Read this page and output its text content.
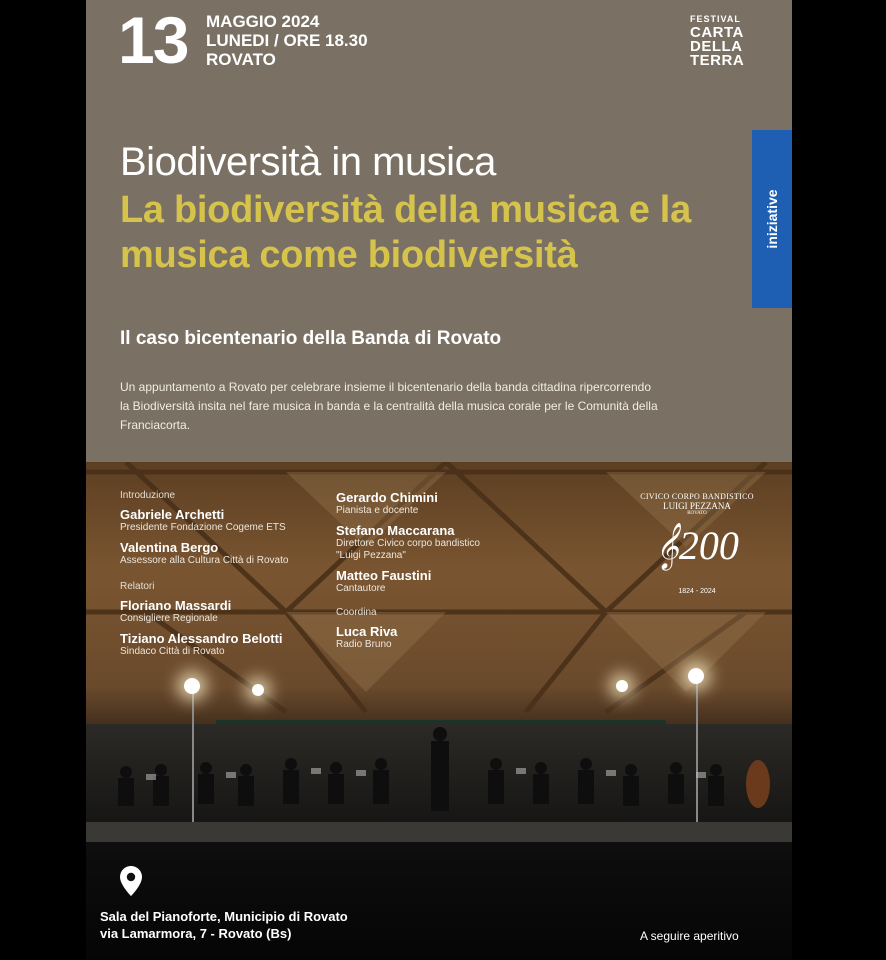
13 MAGGIO 2024
LUNEDI / ORE 18.30
ROVATO
FESTIVAL
CARTA
DELLA
TERRA
iniziative
Biodiversità in musica
La biodiversità della musica e la musica come biodiversità
Il caso bicentenario della Banda di Rovato
Un appuntamento a Rovato per celebrare insieme il bicentenario della banda cittadina ripercorrendo la Biodiversità insita nel fare musica in banda e la centralità della musica corale per le Comunità della Franciacorta.
Introduzione
Gabriele Archetti
Presidente Fondazione Cogeme ETS
Valentina Bergo
Assessore alla Cultura Città di Rovato
Relatori
Floriano Massardi
Consigliere Regionale
Tiziano Alessandro Belotti
Sindaco Città di Rovato
Gerardo Chimini
Pianista e docente
Stefano Maccarana
Direttore Civico corpo bandistico
"Luigi Pezzana"
Matteo Faustini
Cantautore
Coordina
Luca Riva
Radio Bruno
CIVICO CORPO BANDISTICO
LUIGI PEZZANA
ROVATO
𝄞200
1824 - 2024
Sala del Pianoforte, Municipio di Rovato
via Lamarmora, 7 - Rovato (Bs)	A seguire aperitivo
